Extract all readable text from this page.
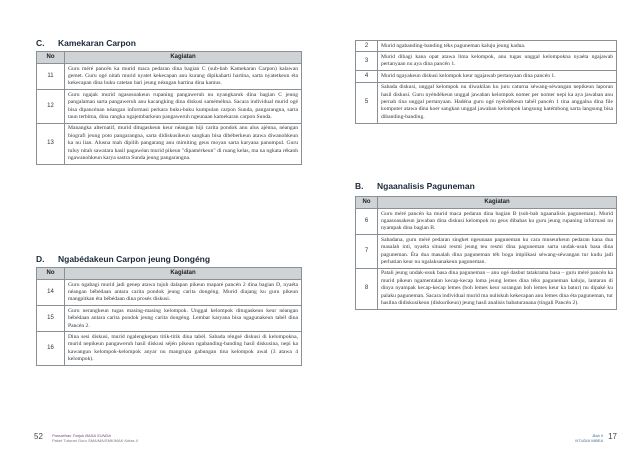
C. Kamekaran Carpon
No	Kagiatan
11	Guru méré pancén ka murid maca pedaran dina bagian C (sub-bab Kamekaran Carpon) kalawan gemet. Guru ogé nitah murid nyatet kekecapan anu kurang dipikaharti hartina, sarta nyatetkeun éta kekecapan dina buku catetan bari jeung néangan hartina dina kamus.
12	Guru ngajak murid ngasosoakeun rupaning pangaweruh nu nyangkaruk dina bagian C jeung pangalaman sarta pangaweruh anu kacangking dina diskusi saméméhna. Sacara individual murid ogé bisa dipancénan néangan informasi perkara buku-buku kumpulan carpon Sunda, pangarangna, sarta taun terbitna, dina rangka ngajembarkeun pangaweruh ngeunaan kamekaran carpon Sunda.
13	Manangka alternatif, murid ditugaskeun keur néangan hiji carita pondok anu alus ajénna, néangan biografi jeung poto pangarangna, sarta didiskusikeun sangkan bisa dibéberkeun atawa diwanohkeun ka nu lian. Alusna mah dipilih pangarang anu mimiting geus moyan sarta karyana panumpul. Guru tuluy nitah sawatara hasil pagawéan murid pikeun "dipamérkeun" di ruang kelas, ma na ngkata rékanh ngawanohkeun karya sastra Sunda jeung pangarangna.
D. Ngabédakeun Carpon jeung Dongéng
No	Kagiatan
14	Guru ngabagi murid jadi genep atawa tujuh dalapan pikeun maparé pancén 2 dina bagian D, nyaéta néangan bébédaan antara carita pondok jeung carita dongéng. Murid diajang ku guru pikeun mangpitkan éta bébédaan dina prosés diskusi.
15	Guru nerangkeun tugas masing-masing kelompok. Unggal kelompok ditugaskeun keur néangan bébédaan antara carita pondok jeung carita dongéng. Lembar karyana bisa ngagunakeun tabél dina Pancén 2.
16	Dina sesi diskusi, murid ngalengkepan titik-titik dina tabél. Sabada réngsé diskusi di kelompokna, murid nepikeun pangaweruh hasil diskusi séjén pikeun ngabanding-banding hasil diskusina, nepi ka kawangun kelompok-kelompok anyar nu mangrupa gabungan tina kelompok awal (3 atawa 4 kelompok).
52 Pamaéhan Tunjuk BASA SUNDA
Paket Tuturari Guru SMA/MA/SMK/MAK Kelas X
2	Murid ngabanding-banding téks paguneman kaluju jeung kadua.
3	Murid dibagi kana opat atawa lima kelompok, anu tugas unggal kelompokna nyaéta ngajawab pertanyaan nu aya dina pancén 1.
4	Murid ngayakeun diskusi kelompok keur ngajawab pertanyaan dina pancén 1.
5	Sabada diskusi, unggal kelompok nu diwakilan ku juru caturna séwang-séwangan nepikeun laporan hasil diskusi. Guru nyéndékeun unggal jawaban kelompok nomer per nomer nepi ka aya jawaban anu pernah tina unggal pertanyaan. Hadéna guru ogé nyéndékeun tabél pancén 1 tina anggalna dina file komputer atawa dina koer sangkan unggal jawaban kelompok langsung katémbong sarta langsung bisa dibanding-banding.
B. Ngaanalisis Paguneman
No	Kagiatan
6	Guru méré pancén ka murid maca pedaran dina bagian B (sub-bab ngaanalisis paguneman). Murid ngaasoasakeun jawaban dina diskusi kelompok nu geus dibahas ku guru jeung rupaning informasi nu nyampak dina bagian B.
7	Sabadana, guru méré pedaran singket ngeunaan paguneman ku cara museurkeun pedaran kana dua masalah inti, nyaéta situasi resmi jeung teu resmi dina paguneman sarta undak-usuk basa dina paguneman. Éta dua masalah dina paguneman téh boga implikasi séwang-séwangan tur kudu jadi perhatian keur nu ngalaksanakeun paguneman.
8	Patali jeung undak-usuk basa dina paguneman – anu ogé dasbut tatakrama basa – guru méré pancén ka murid pikeun ngamentalan kecap-kecap loma jeung lemes dina téks paguneman kaluju, lantaran di dinya nyampak kecap-kecap lemes (boh lemes keur sorangan boh lemes keur ka batur) nu dipaké ku palaku paguneman. Sacara individual murid ma nuliskuh kekecapan anu lemes dina éta paguneman, tur hasilna didiskusikeun (diskurikeun) jeung hasil analisis babaturanana (tingali Pancén 2).
Bab II
NTUDIA NIBEA 17
